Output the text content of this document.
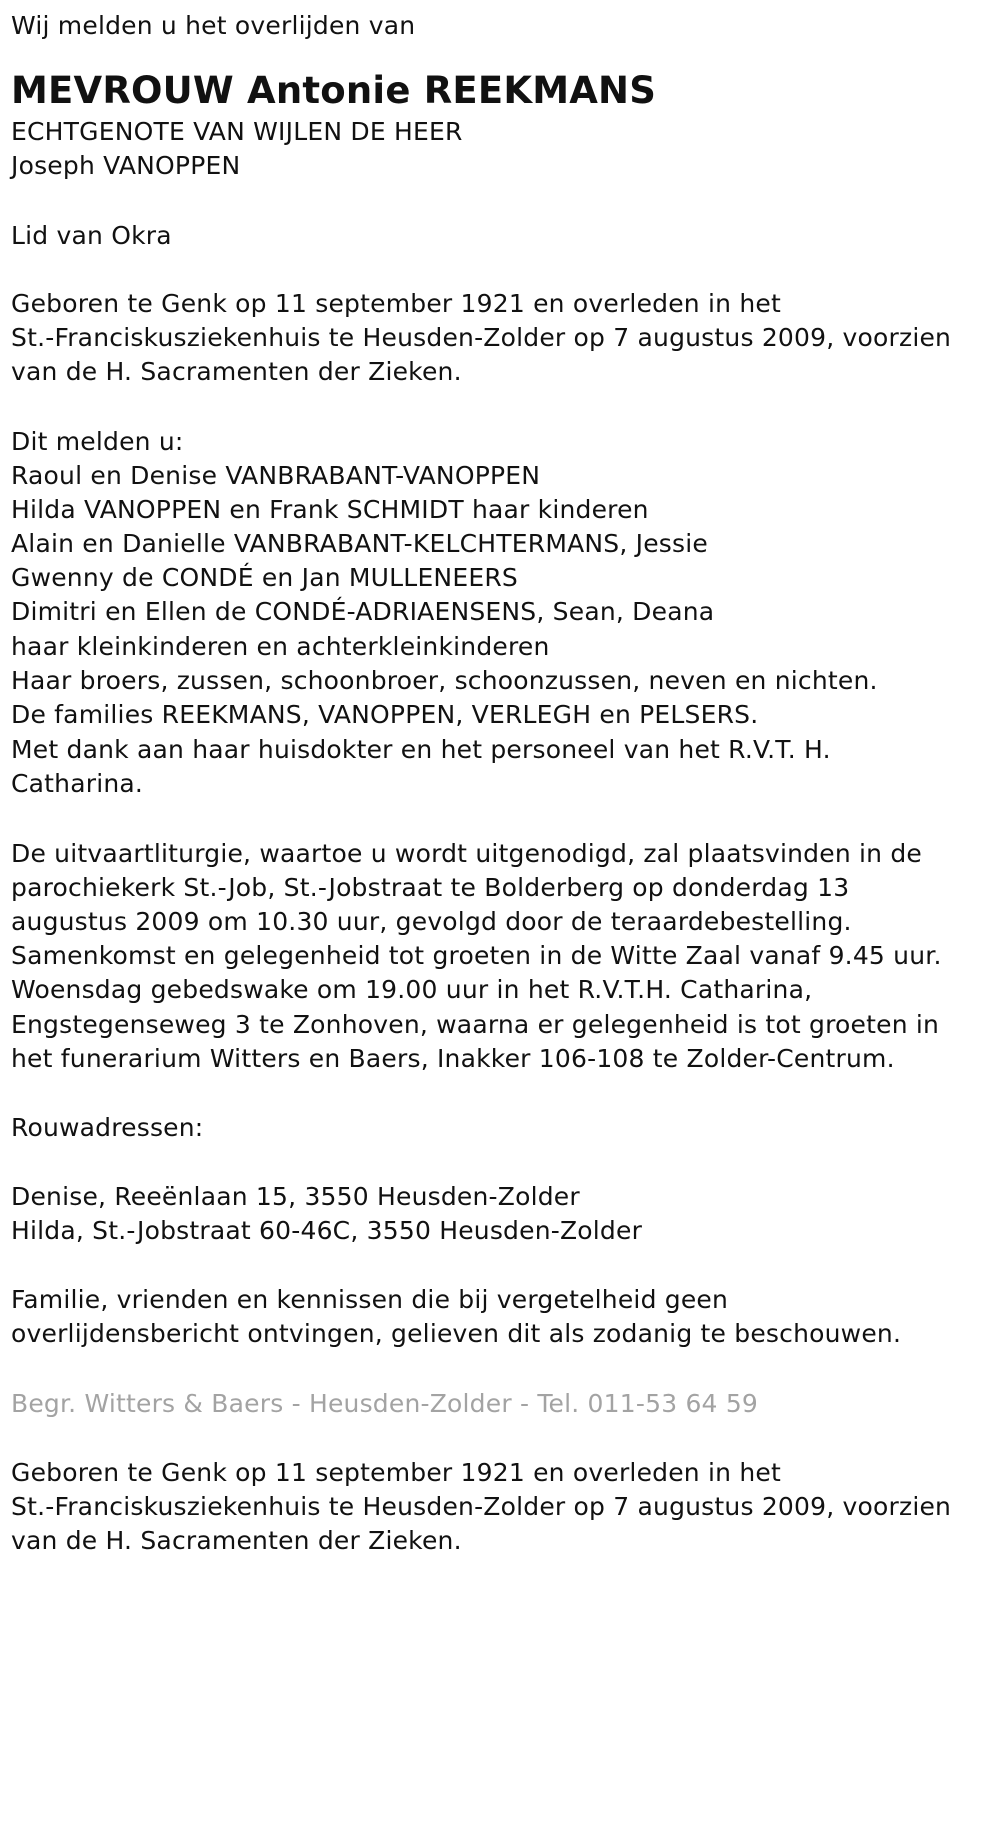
Wij melden u het overlijden van
MEVROUW Antonie REEKMANS
ECHTGENOTE VAN WIJLEN DE HEER
Joseph VANOPPEN
Lid van Okra
Geboren te Genk op 11 september 1921 en overleden in het
St.-Franciskusziekenhuis te Heusden-Zolder op 7 augustus 2009, voorzien
van de H. Sacramenten der Zieken.
Dit melden u:
Raoul en Denise VANBRABANT-VANOPPEN
Hilda VANOPPEN en Frank SCHMIDT haar kinderen
Alain en Danielle VANBRABANT-KELCHTERMANS, Jessie
Gwenny de CONDÉ en Jan MULLENEERS
Dimitri en Ellen de CONDÉ-ADRIAENSENS, Sean, Deana
haar kleinkinderen en achterkleinkinderen
Haar broers, zussen, schoonbroer, schoonzussen, neven en nichten.
De families REEKMANS, VANOPPEN, VERLEGH en PELSERS.
Met dank aan haar huisdokter en het personeel van het R.V.T. H.
Catharina.
De uitvaartliturgie, waartoe u wordt uitgenodigd, zal plaatsvinden in de
parochiekerk St.-Job, St.-Jobstraat te Bolderberg op donderdag 13
augustus 2009 om 10.30 uur, gevolgd door de teraardebestelling.
Samenkomst en gelegenheid tot groeten in de Witte Zaal vanaf 9.45 uur.
Woensdag gebedswake om 19.00 uur in het R.V.T.H. Catharina,
Engstegenseweg 3 te Zonhoven, waarna er gelegenheid is tot groeten in
het funerarium Witters en Baers, Inakker 106-108 te Zolder-Centrum.
Rouwadressen:
Denise, Reeënlaan 15, 3550 Heusden-Zolder
Hilda, St.-Jobstraat 60-46C, 3550 Heusden-Zolder
Familie, vrienden en kennissen die bij vergetelheid geen
overlijdensbericht ontvingen, gelieven dit als zodanig te beschouwen.
Begr. Witters & Baers - Heusden-Zolder - Tel. 011-53 64 59
Geboren te Genk op 11 september 1921 en overleden in het
St.-Franciskusziekenhuis te Heusden-Zolder op 7 augustus 2009, voorzien
van de H. Sacramenten der Zieken.
